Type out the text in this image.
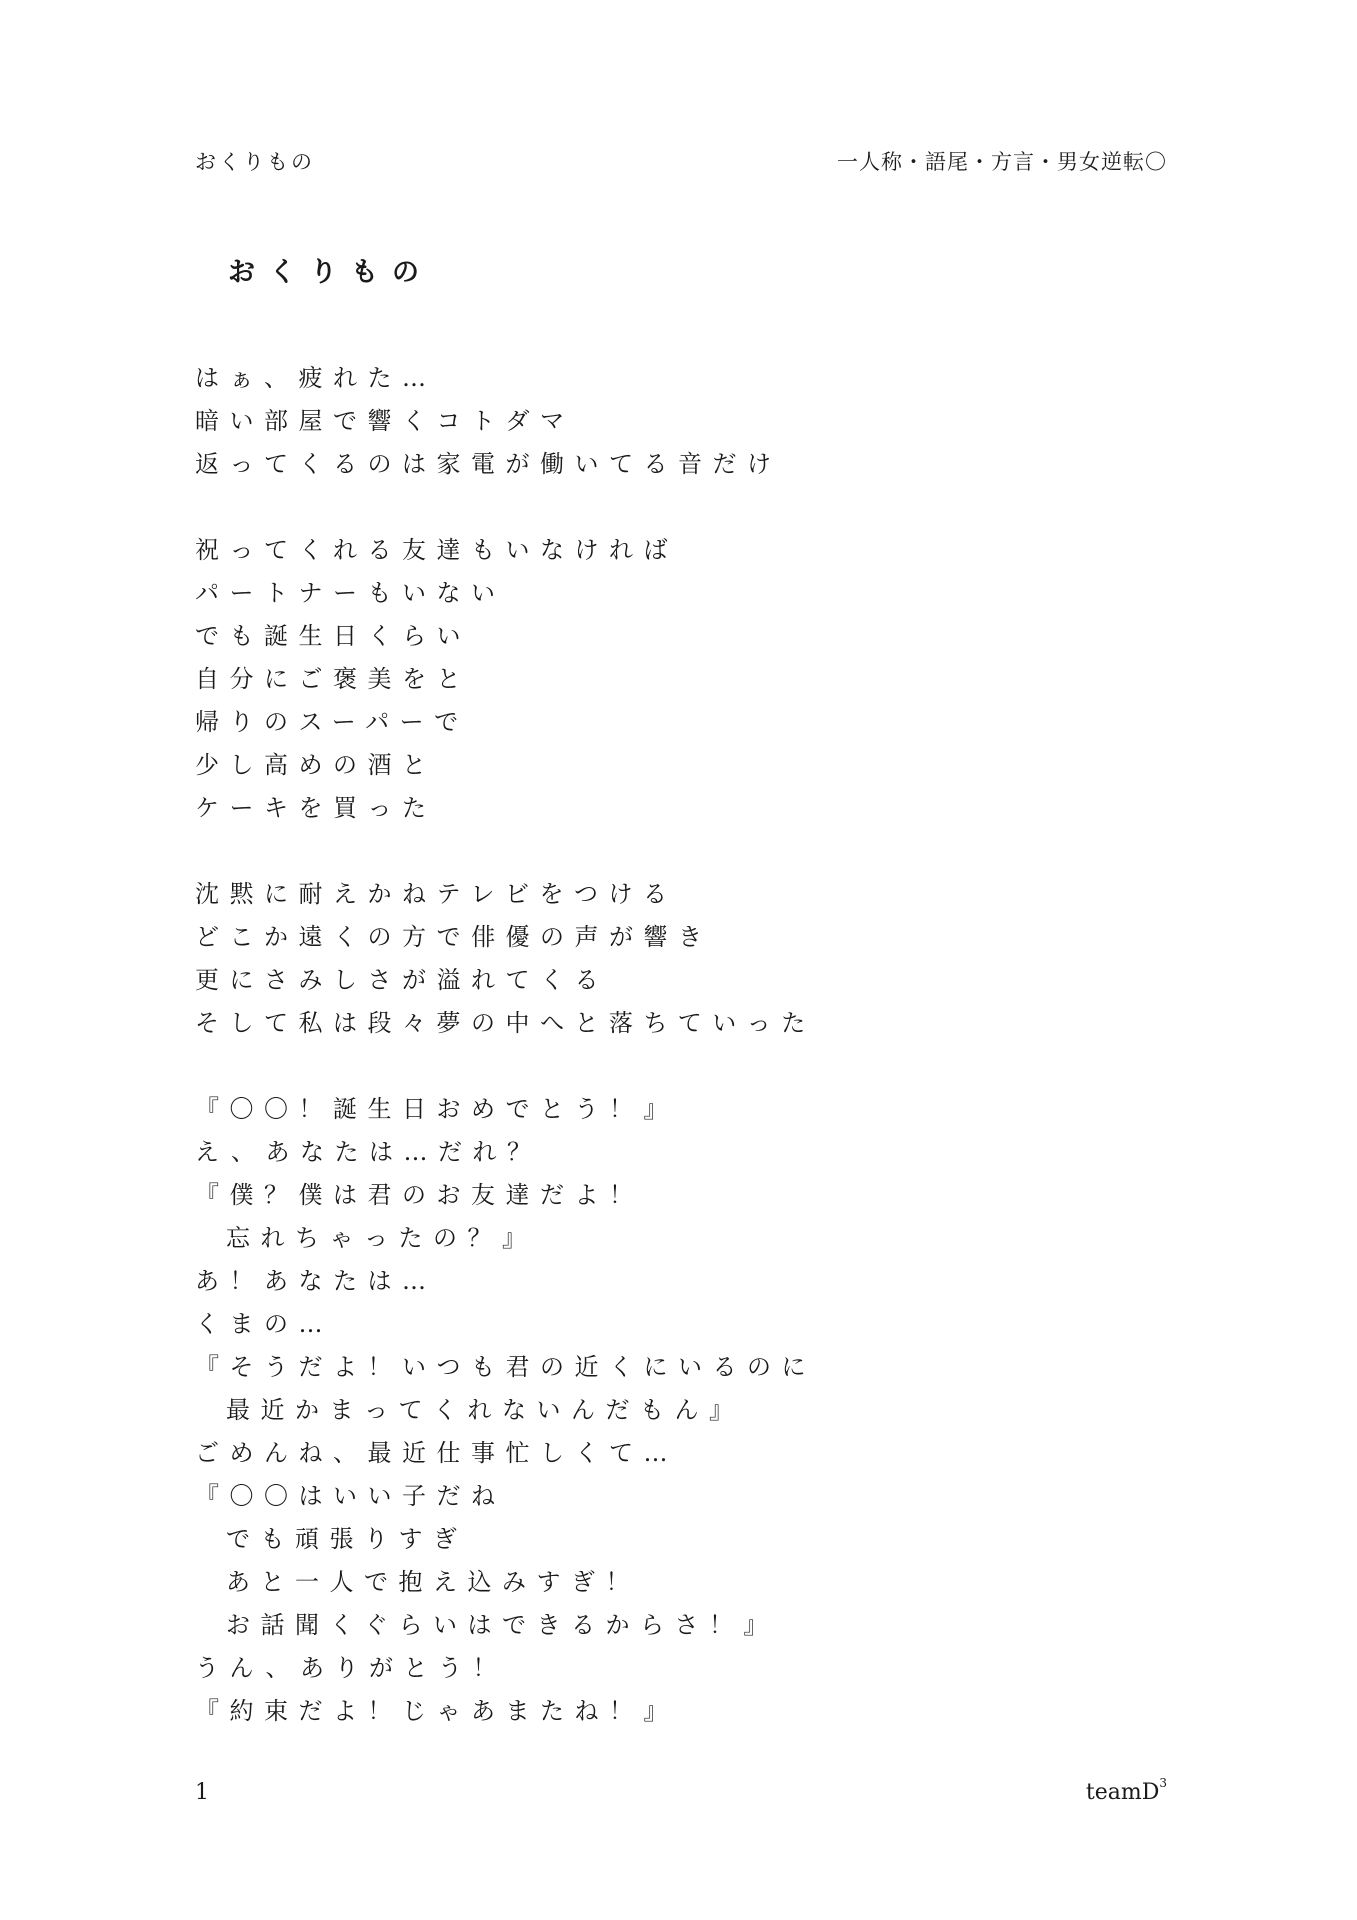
おくりもの	一人称・語尾・方言・男女逆転〇
おくりもの
はぁ、疲れた…
暗い部屋で響くコトダマ
返ってくるのは家電が働いてる音だけ
祝ってくれる友達もいなければ
パートナーもいない
でも誕生日くらい
自分にご褒美をと
帰りのスーパーで
少し高めの酒と
ケーキを買った
沈黙に耐えかねテレビをつける
どこか遠くの方で俳優の声が響き
更にさみしさが溢れてくる
そして私は段々夢の中へと落ちていった
『〇〇！誕生日おめでとう！』
え、あなたは…だれ？
『僕？僕は君のお友達だよ！
忘れちゃったの？』
あ！あなたは…
くまの…
『そうだよ！いつも君の近くにいるのに
最近かまってくれないんだもん』
ごめんね、最近仕事忙しくて…
『〇〇はいい子だね
でも頑張りすぎ
あと一人で抱え込みすぎ！
お話聞くぐらいはできるからさ！』
うん、ありがとう！
『約束だよ！じゃあまたね！』
1	teamD$^3$
